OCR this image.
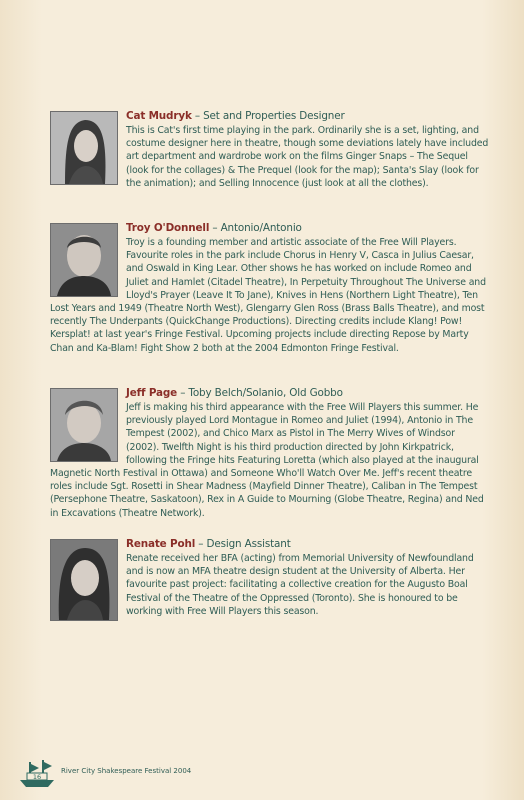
Cat Mudryk – Set and Properties Designer

This is Cat's first time playing in the park. Ordinarily she is a set, lighting, and costume designer here in theatre, though some deviations lately have included art department and wardrobe work on the films Ginger Snaps – The Sequel (look for the collages) & The Prequel (look for the map); Santa's Slay (look for the animation); and Selling Innocence (just look at all the clothes).

Troy O'Donnell – Antonio/Antonio

Troy is a founding member and artistic associate of the Free Will Players. Favourite roles in the park include Chorus in Henry V, Casca in Julius Caesar, and Oswald in King Lear. Other shows he has worked on include Romeo and Juliet and Hamlet (Citadel Theatre), In Perpetuity Throughout The Universe and Lloyd's Prayer (Leave It To Jane), Knives in Hens (Northern Light Theatre), Ten Lost Years and 1949 (Theatre North West), Glengarry Glen Ross (Brass Balls Theatre), and most recently The Underpants (QuickChange Productions). Directing credits include Klang! Pow! Kersplat! at last year's Fringe Festival. Upcoming projects include directing Repose by Marty Chan and Ka-Blam! Fight Show 2 both at the 2004 Edmonton Fringe Festival.

Jeff Page – Toby Belch/Solanio, Old Gobbo

Jeff is making his third appearance with the Free Will Players this summer. He previously played Lord Montague in Romeo and Juliet (1994), Antonio in The Tempest (2002), and Chico Marx as Pistol in The Merry Wives of Windsor (2002). Twelfth Night is his third production directed by John Kirkpatrick, following the Fringe hits Featuring Loretta (which also played at the inaugural Magnetic North Festival in Ottawa) and Someone Who'll Watch Over Me. Jeff's recent theatre roles include Sgt. Rosetti in Shear Madness (Mayfield Dinner Theatre), Caliban in The Tempest (Persephone Theatre, Saskatoon), Rex in A Guide to Mourning (Globe Theatre, Regina) and Ned in Excavations (Theatre Network).

Renate Pohl – Design Assistant

Renate received her BFA (acting) from Memorial University of Newfoundland and is now an MFA theatre design student at the University of Alberta. Her favourite past project: facilitating a collective creation for the Augusto Boal Festival of the Theatre of the Oppressed (Toronto). She is honoured to be working with Free Will Players this season.

16
River City Shakespeare Festival 2004
